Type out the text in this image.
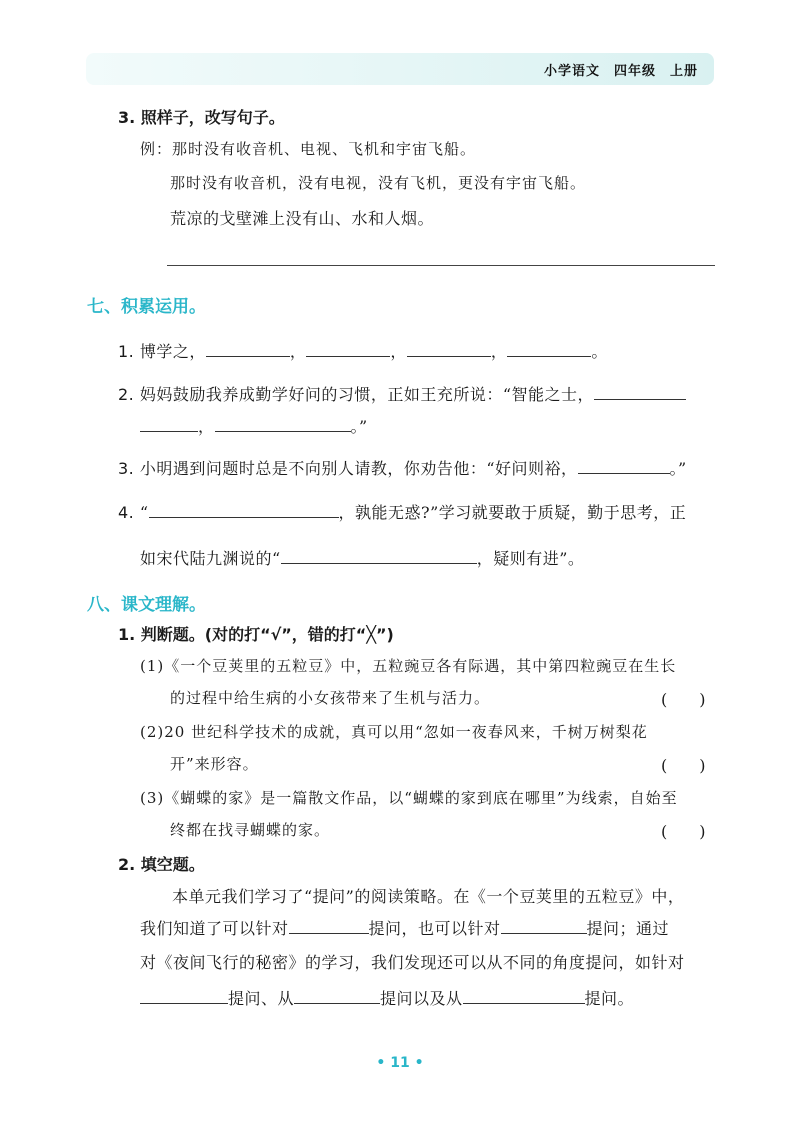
小学语文　四年级　上册
3. 照样子，改写句子。
例：那时没有收音机、电视、飞机和宇宙飞船。
那时没有收音机，没有电视，没有飞机，更没有宇宙飞船。
荒凉的戈壁滩上没有山、水和人烟。
七、积累运用。
1. 博学之，	，	，	，	。
2. 妈妈鼓励我养成勤学好问的习惯，正如王充所说：“智能之士，
，	。”
3. 小明遇到问题时总是不向别人请教，你劝告他：“好问则裕，	。”
4. “	，孰能无惑?”学习就要敢于质疑，勤于思考，正
如宋代陆九渊说的“	，疑则有进”。
八、课文理解。
1. 判断题。(对的打“√”，错的打“╳”)
(1)《一个豆荚里的五粒豆》中，五粒豌豆各有际遇，其中第四粒豌豆在生长
的过程中给生病的小女孩带来了生机与活力。	(　　)
(2)20 世纪科学技术的成就，真可以用“忽如一夜春风来，千树万树梨花
开”来形容。	(　　)
(3)《蝴蝶的家》是一篇散文作品，以“蝴蝶的家到底在哪里”为线索，自始至
终都在找寻蝴蝶的家。	(　　)
2. 填空题。
本单元我们学习了“提问”的阅读策略。在《一个豆荚里的五粒豆》中，
我们知道了可以针对	提问，也可以针对	提问；通过
对《夜间飞行的秘密》的学习，我们发现还可以从不同的角度提问，如针对
提问、从	提问以及从	提问。
• 11 •
